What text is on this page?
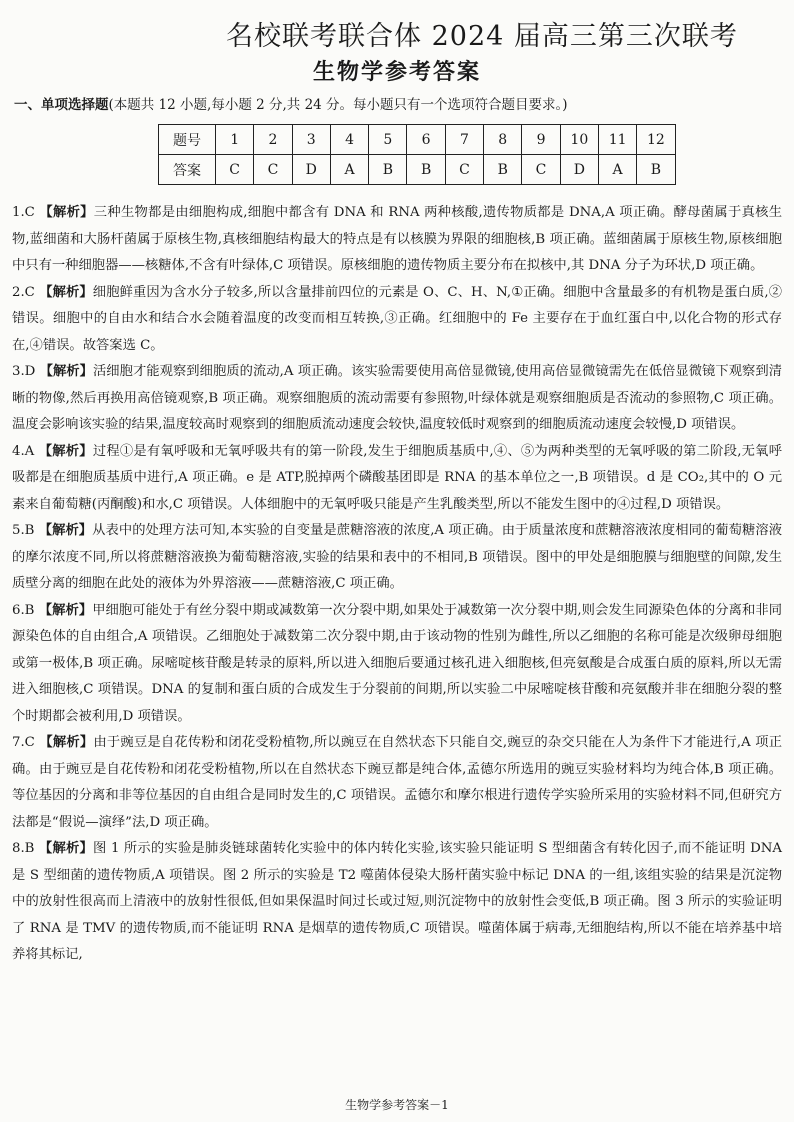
名校联考联合体 2024 届高三第三次联考
生物学参考答案
一、单项选择题(本题共 12 小题,每小题 2 分,共 24 分。每小题只有一个选项符合题目要求。)
题号	1	2	3	4	5	6	7	8	9	10	11	12
答案	C	C	D	A	B	B	C	B	C	D	A	B

1.C 【解析】三种生物都是由细胞构成,细胞中都含有 DNA 和 RNA 两种核酸,遗传物质都是 DNA,A 项正确。酵母菌属于真核生物,蓝细菌和大肠杆菌属于原核生物,真核细胞结构最大的特点是有以核膜为界限的细胞核,B 项正确。蓝细菌属于原核生物,原核细胞中只有一种细胞器——核糖体,不含有叶绿体,C 项错误。原核细胞的遗传物质主要分布在拟核中,其 DNA 分子为环状,D 项正确。

2.C 【解析】细胞鲜重因为含水分子较多,所以含量排前四位的元素是 O、C、H、N,①正确。细胞中含量最多的有机物是蛋白质,②错误。细胞中的自由水和结合水会随着温度的改变而相互转换,③正确。红细胞中的 Fe 主要存在于血红蛋白中,以化合物的形式存在,④错误。故答案选 C。

3.D 【解析】活细胞才能观察到细胞质的流动,A 项正确。该实验需要使用高倍显微镜,使用高倍显微镜需先在低倍显微镜下观察到清晰的物像,然后再换用高倍镜观察,B 项正确。观察细胞质的流动需要有参照物,叶绿体就是观察细胞质是否流动的参照物,C 项正确。温度会影响该实验的结果,温度较高时观察到的细胞质流动速度会较快,温度较低时观察到的细胞质流动速度会较慢,D 项错误。

4.A 【解析】过程①是有氧呼吸和无氧呼吸共有的第一阶段,发生于细胞质基质中,④、⑤为两种类型的无氧呼吸的第二阶段,无氧呼吸都是在细胞质基质中进行,A 项正确。e 是 ATP,脱掉两个磷酸基团即是 RNA 的基本单位之一,B 项错误。d 是 CO₂,其中的 O 元素来自葡萄糖(丙酮酸)和水,C 项错误。人体细胞中的无氧呼吸只能是产生乳酸类型,所以不能发生图中的④过程,D 项错误。

5.B 【解析】从表中的处理方法可知,本实验的自变量是蔗糖溶液的浓度,A 项正确。由于质量浓度和蔗糖溶液浓度相同的葡萄糖溶液的摩尔浓度不同,所以将蔗糖溶液换为葡萄糖溶液,实验的结果和表中的不相同,B 项错误。图中的甲处是细胞膜与细胞壁的间隙,发生质壁分离的细胞在此处的液体为外界溶液——蔗糖溶液,C 项正确。

6.B 【解析】甲细胞可能处于有丝分裂中期或减数第一次分裂中期,如果处于减数第一次分裂中期,则会发生同源染色体的分离和非同源染色体的自由组合,A 项错误。乙细胞处于减数第二次分裂中期,由于该动物的性别为雌性,所以乙细胞的名称可能是次级卵母细胞或第一极体,B 项正确。尿嘧啶核苷酸是转录的原料,所以进入细胞后要通过核孔进入细胞核,但亮氨酸是合成蛋白质的原料,所以无需进入细胞核,C 项错误。DNA 的复制和蛋白质的合成发生于分裂前的间期,所以实验二中尿嘧啶核苷酸和亮氨酸并非在细胞分裂的整个时期都会被利用,D 项错误。

7.C 【解析】由于豌豆是自花传粉和闭花受粉植物,所以豌豆在自然状态下只能自交,豌豆的杂交只能在人为条件下才能进行,A 项正确。由于豌豆是自花传粉和闭花受粉植物,所以在自然状态下豌豆都是纯合体,孟德尔所选用的豌豆实验材料均为纯合体,B 项正确。等位基因的分离和非等位基因的自由组合是同时发生的,C 项错误。孟德尔和摩尔根进行遗传学实验所采用的实验材料不同,但研究方法都是“假说—演绎”法,D 项正确。

8.B 【解析】图 1 所示的实验是肺炎链球菌转化实验中的体内转化实验,该实验只能证明 S 型细菌含有转化因子,而不能证明 DNA 是 S 型细菌的遗传物质,A 项错误。图 2 所示的实验是 T2 噬菌体侵染大肠杆菌实验中标记 DNA 的一组,该组实验的结果是沉淀物中的放射性很高而上清液中的放射性很低,但如果保温时间过长或过短,则沉淀物中的放射性会变低,B 项正确。图 3 所示的实验证明了 RNA 是 TMV 的遗传物质,而不能证明 RNA 是烟草的遗传物质,C 项错误。噬菌体属于病毒,无细胞结构,所以不能在培养基中培养将其标记,

生物学参考答案－1
